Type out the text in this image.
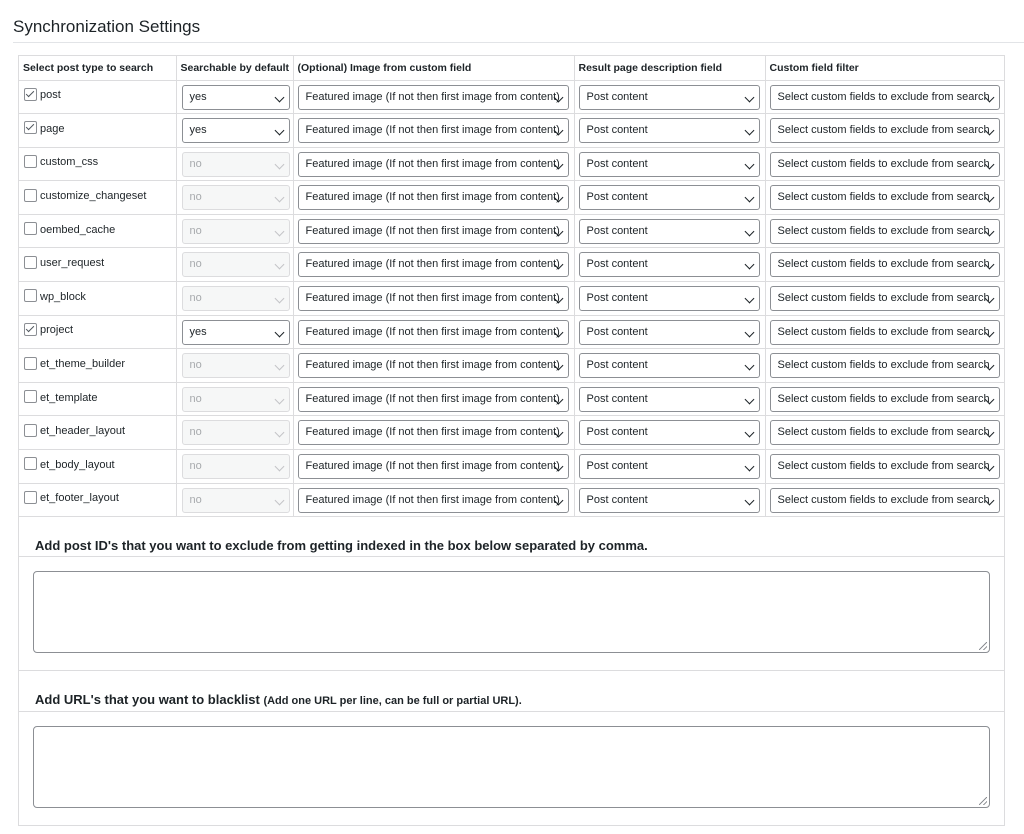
Synchronization Settings
Select post type to search	Searchable by default	(Optional) Image from custom field	Result page description field	Custom field filter
post	yes	Featured image (If not then first image from content)	Post content	Select custom fields to exclude from search

page	yes	Featured image (If not then first image from content)	Post content	Select custom fields to exclude from search

custom_css	no	Featured image (If not then first image from content)	Post content	Select custom fields to exclude from search

customize_changeset	no	Featured image (If not then first image from content)	Post content	Select custom fields to exclude from search

oembed_cache	no	Featured image (If not then first image from content)	Post content	Select custom fields to exclude from search

user_request	no	Featured image (If not then first image from content)	Post content	Select custom fields to exclude from search

wp_block	no	Featured image (If not then first image from content)	Post content	Select custom fields to exclude from search

project	yes	Featured image (If not then first image from content)	Post content	Select custom fields to exclude from search

et_theme_builder	no	Featured image (If not then first image from content)	Post content	Select custom fields to exclude from search

et_template	no	Featured image (If not then first image from content)	Post content	Select custom fields to exclude from search

et_header_layout	no	Featured image (If not then first image from content)	Post content	Select custom fields to exclude from search

et_body_layout	no	Featured image (If not then first image from content)	Post content	Select custom fields to exclude from search

et_footer_layout	no	Featured image (If not then first image from content)	Post content	Select custom fields to exclude from search
Add post ID's that you want to exclude from getting indexed in the box below separated by comma.
Add URL's that you want to blacklist (Add one URL per line, can be full or partial URL).
